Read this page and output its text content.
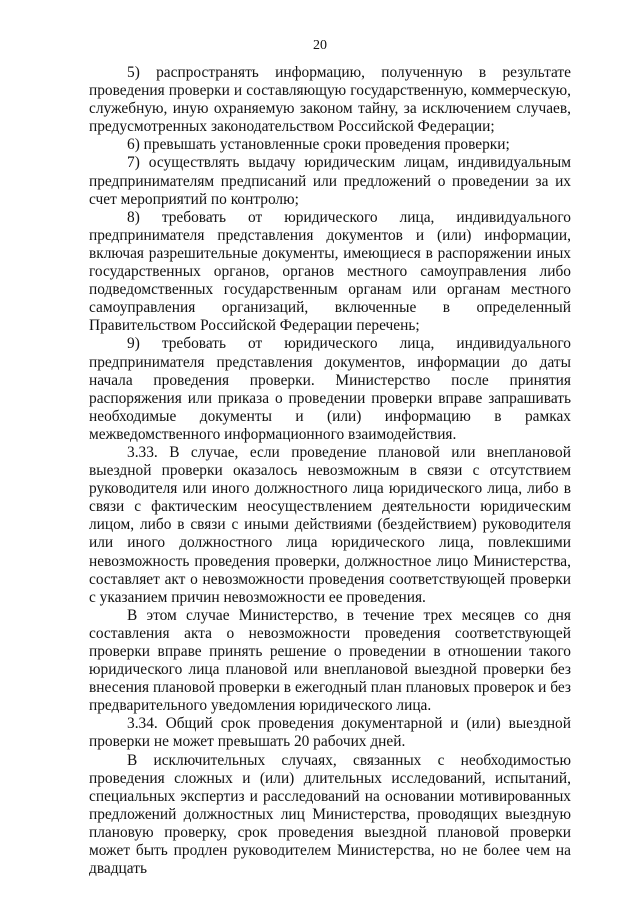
20

5) распространять информацию, полученную в результате проведения проверки и составляющую государственную, коммерческую, служебную, иную охраняемую законом тайну, за исключением случаев, предусмотренных законодательством Российской Федерации;

6) превышать установленные сроки проведения проверки;

7) осуществлять выдачу юридическим лицам, индивидуальным предпринимателям предписаний или предложений о проведении за их счет мероприятий по контролю;

8) требовать от юридического лица, индивидуального предпринимателя представления документов и (или) информации, включая разрешительные документы, имеющиеся в распоряжении иных государственных органов, органов местного самоуправления либо подведомственных государственным органам или органам местного самоуправления организаций, включенные в определенный Правительством Российской Федерации перечень;

9) требовать от юридического лица, индивидуального предпринимателя представления документов, информации до даты начала проведения проверки. Министерство после принятия распоряжения или приказа о проведении проверки вправе запрашивать необходимые документы и (или) информацию в рамках межведомственного информационного взаимодействия.

3.33. В случае, если проведение плановой или внеплановой выездной проверки оказалось невозможным в связи с отсутствием руководителя или иного должностного лица юридического лица, либо в связи с фактическим неосуществлением деятельности юридическим лицом, либо в связи с иными действиями (бездействием) руководителя или иного должностного лица юридического лица, повлекшими невозможность проведения проверки, должностное лицо Министерства, составляет акт о невозможности проведения соответствующей проверки с указанием причин невозможности ее проведения.

В этом случае Министерство, в течение трех месяцев со дня составления акта о невозможности проведения соответствующей проверки вправе принять решение о проведении в отношении такого юридического лица плановой или внеплановой выездной проверки без внесения плановой проверки в ежегодный план плановых проверок и без предварительного уведомления юридического лица.

3.34. Общий срок проведения документарной и (или) выездной проверки не может превышать 20 рабочих дней.

В исключительных случаях, связанных с необходимостью проведения сложных и (или) длительных исследований, испытаний, специальных экспертиз и расследований на основании мотивированных предложений должностных лиц Министерства, проводящих выездную плановую проверку, срок проведения выездной плановой проверки может быть продлен руководителем Министерства, но не более чем на двадцать
